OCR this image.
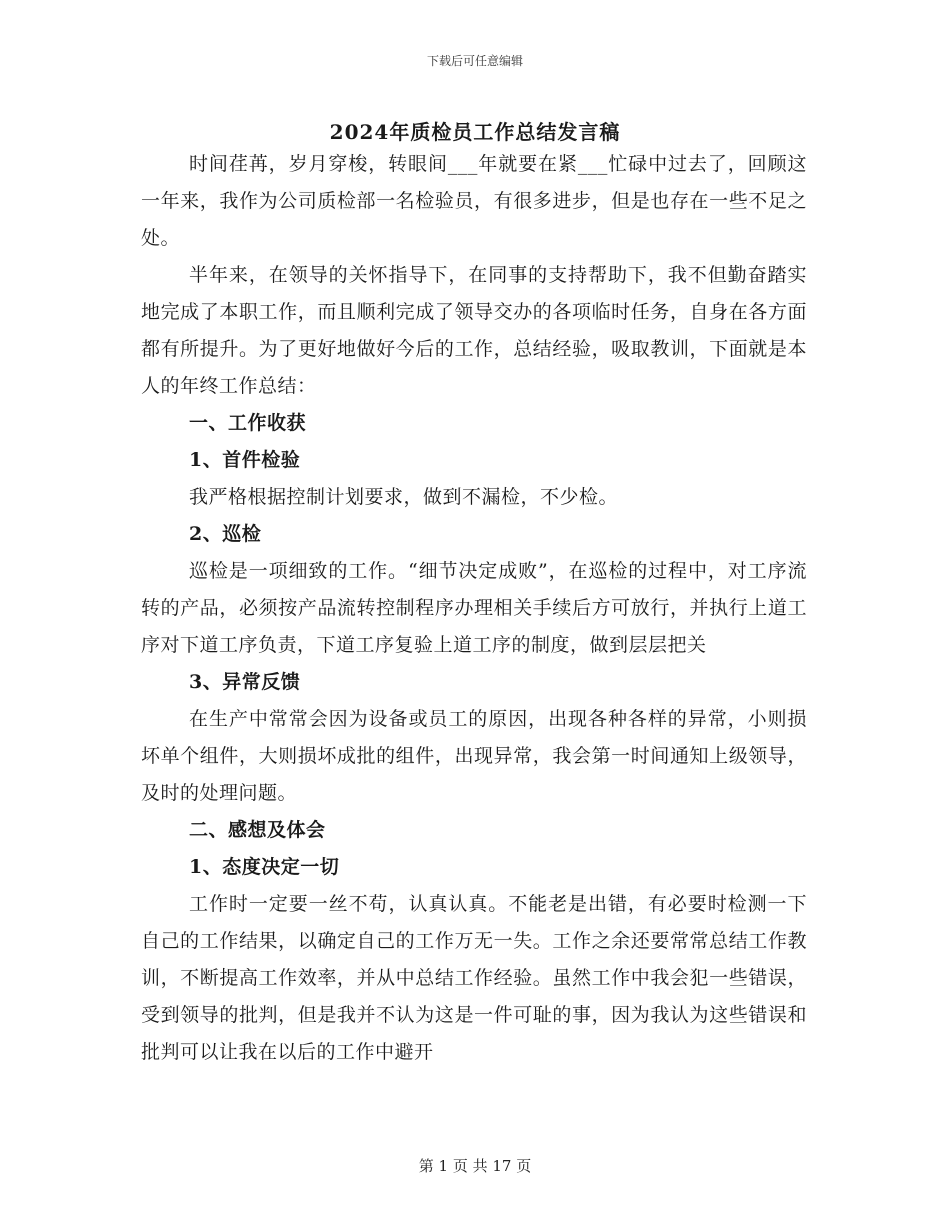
下载后可任意编辑
2024年质检员工作总结发言稿

时间荏苒，岁月穿梭，转眼间___年就要在紧___忙碌中过去了，回顾这一年来，我作为公司质检部一名检验员，有很多进步，但是也存在一些不足之处。

半年来，在领导的关怀指导下，在同事的支持帮助下，我不但勤奋踏实地完成了本职工作，而且顺利完成了领导交办的各项临时任务，自身在各方面都有所提升。为了更好地做好今后的工作，总结经验，吸取教训，下面就是本人的年终工作总结：

一、工作收获

1、首件检验

我严格根据控制计划要求，做到不漏检，不少检。

2、巡检

巡检是一项细致的工作。“细节决定成败”，在巡检的过程中，对工序流转的产品，必须按产品流转控制程序办理相关手续后方可放行，并执行上道工序对下道工序负责，下道工序复验上道工序的制度，做到层层把关

3、异常反馈

在生产中常常会因为设备或员工的原因，出现各种各样的异常，小则损坏单个组件，大则损坏成批的组件，出现异常，我会第一时间通知上级领导，及时的处理问题。

二、感想及体会

1、态度决定一切

工作时一定要一丝不苟，认真认真。不能老是出错，有必要时检测一下自己的工作结果，以确定自己的工作万无一失。工作之余还要常常总结工作教训，不断提高工作效率，并从中总结工作经验。虽然工作中我会犯一些错误，受到领导的批判，但是我并不认为这是一件可耻的事，因为我认为这些错误和批判可以让我在以后的工作中避开

第 1 页 共 17 页
